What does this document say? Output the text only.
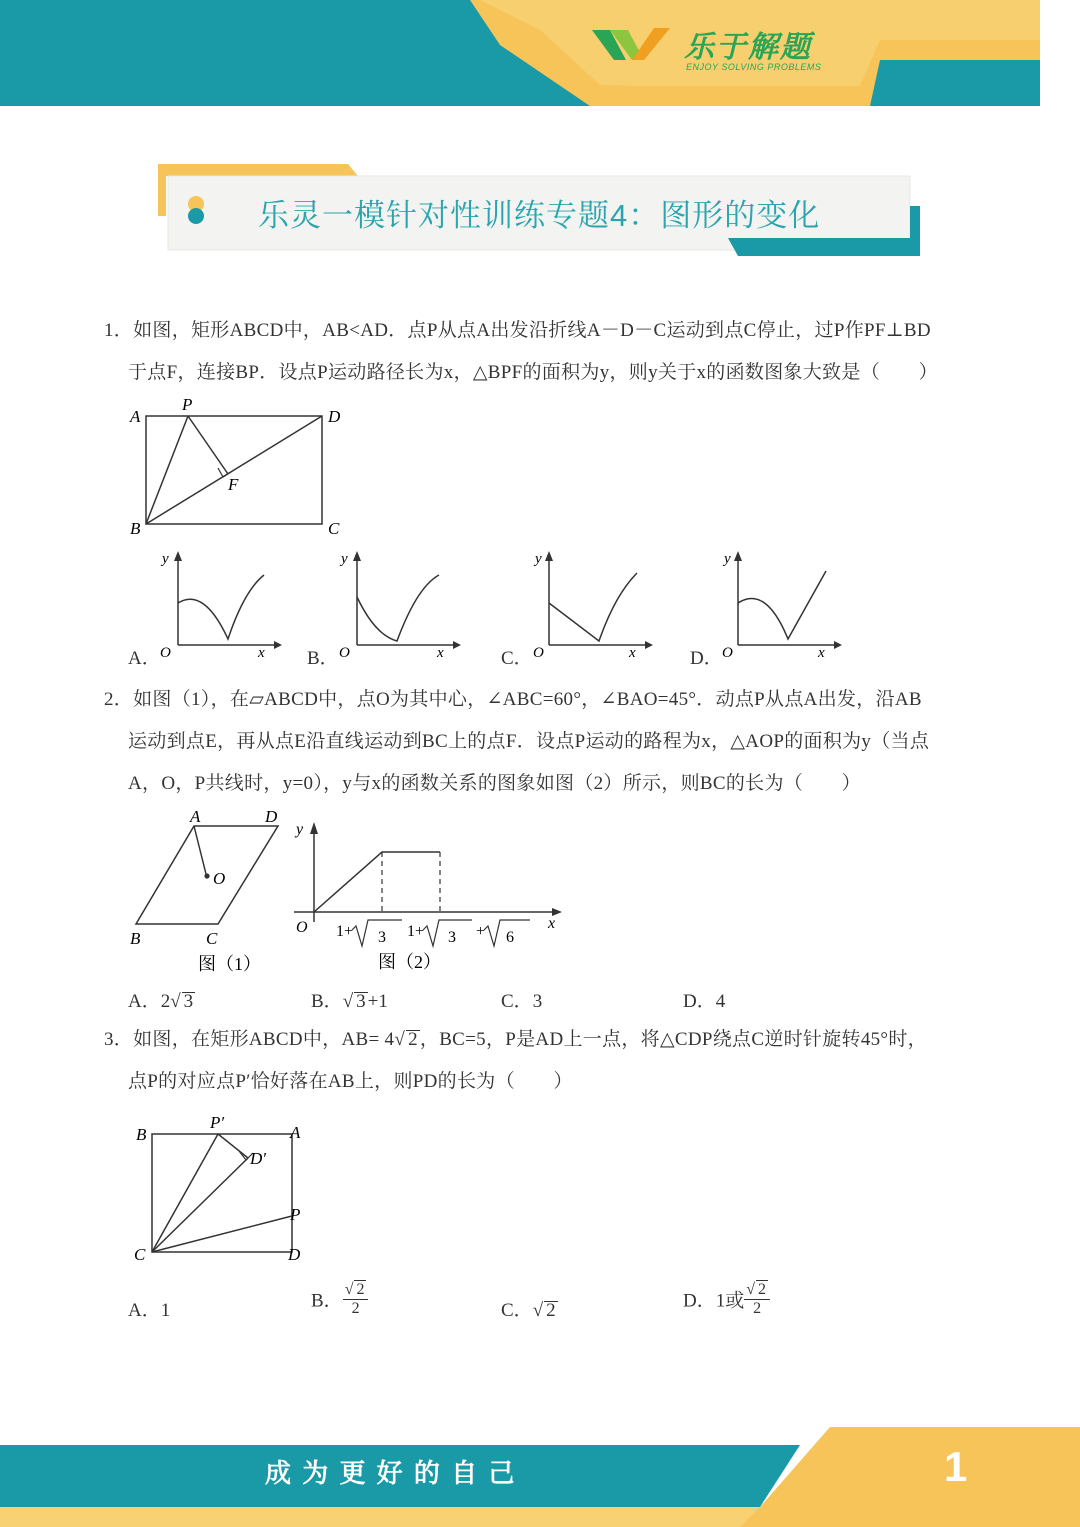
乐于解题
ENJOY SOLVING PROBLEMS
乐灵一模针对性训练专题4：图形的变化
1．如图，矩形ABCD中，AB<AD．点P从点A出发沿折线A－D－C运动到点C停止，过P作PF⊥BD
于点F，连接BP．设点P运动路径长为x，△BPF的面积为y，则y关于x的函数图象大致是（　　）
A
P
D
F
B	C
A．
y
O	x B．
y
O	x	C．
y
O	x	D．
y
O	x
2．如图（1），在▱ABCD中，点O为其中心，∠ABC=60°，∠BAO=45°．动点P从点A出发，沿AB
运动到点E，再从点E沿直线运动到BC上的点F．设点P运动的路程为x，△AOP的面积为y（当点
A，O，P共线时，y=0），y与x的函数关系的图象如图（2）所示，则BC的长为（　　）
A	D
O
B	C
图（1）
y
O	x
1+ 3 1+ 3 + 6
图（2）
A．2√ 3	B．√ 3 +1	C．3	D．4
3．如图，在矩形ABCD中，AB= 4√ 2 ，BC=5，P是AD上一点，将△CDP绕点C逆时针旋转45°时，
点P的对应点P′恰好落在AB上，则PD的长为（　　）
B
P′
A
D′
P
C	D
A．1	B． $\frac{√ 2}{2}$	C．√ 2	D．1或 $\frac{√ 2}{2}$
成 为 更 好 的 自 己	1
